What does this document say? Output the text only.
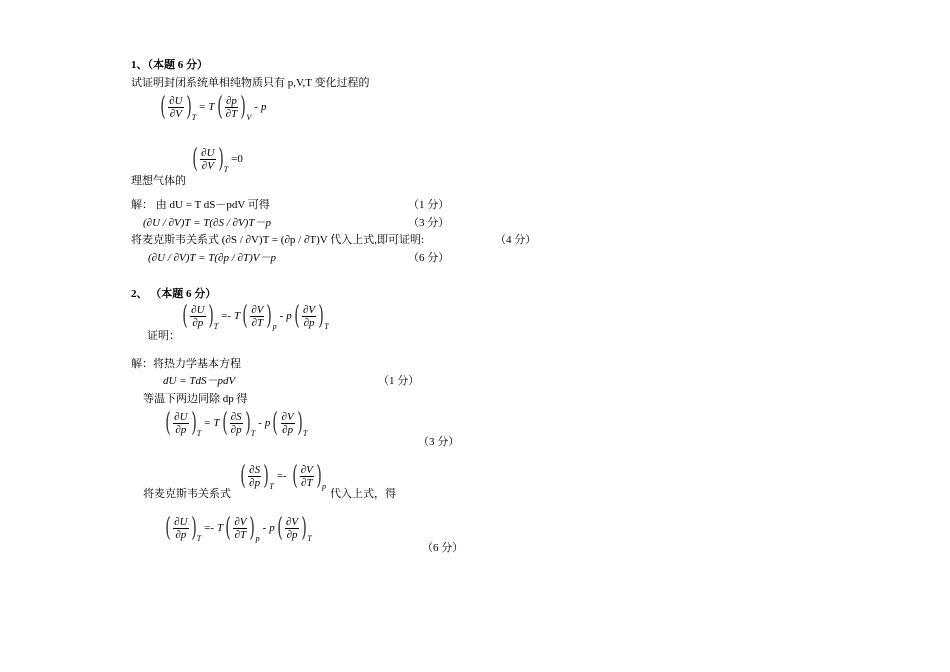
1、（本题 6 分）
试证明封闭系统单相纯物质只有 p,V,T 变化过程的
( $\frac{\partial U}{\partial V}$ ) T
= T ( $\frac{\partial p}{\partial T}$ ) V
- p
( $\frac{\partial U}{\partial V}$ ) T
=0
理想气体的
解： 由 dU = T dS－pdV 可得	（1 分）
(∂U / ∂V)T = T(∂S / ∂V)T－p	（3 分）
将麦克斯韦关系式 (∂S / ∂V)T = (∂p / ∂T)V 代入上式,即可证明:	（4 分）
(∂U / ∂V)T = T(∂p / ∂T)V－p	（6 分）
2、 （本题 6 分）
证明：
( $\frac{\partial U}{\partial p}$ ) T
=- T ( $\frac{\partial V}{\partial T}$ ) p
- p ( $\frac{\partial V}{\partial p}$ ) T
解：将热力学基本方程
dU = TdS－pdV	（1 分）
等温下两边同除 dp 得
( $\frac{\partial U}{\partial p}$ ) T
= T ( $\frac{\partial S}{\partial p}$ ) T
- p ( $\frac{\partial V}{\partial p}$ ) T
（3 分）
将麦克斯韦关系式
( $\frac{\partial S}{\partial p}$ ) T
=- ( $\frac{\partial V}{\partial T}$ ) p
代入上式，得
( $\frac{\partial U}{\partial p}$ ) T
=- T ( $\frac{\partial V}{\partial T}$ ) p
- p ( $\frac{\partial V}{\partial p}$ ) T
（6 分）
